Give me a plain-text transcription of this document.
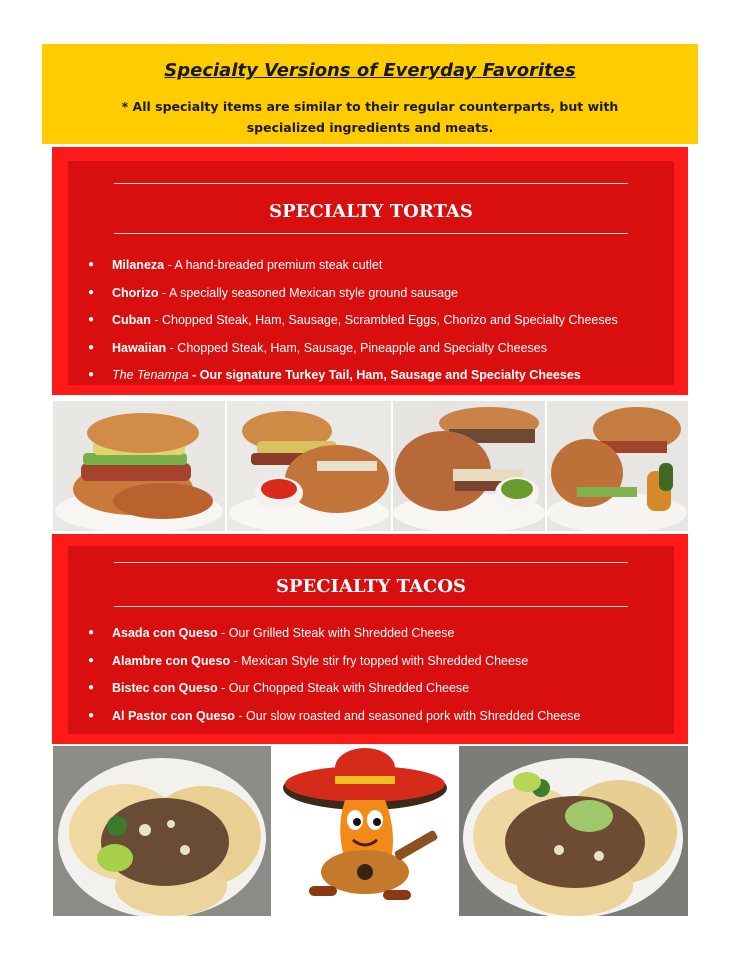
Specialty Versions of Everyday Favorites
* All specialty items are similar to their regular counterparts, but with specialized ingredients and meats.
SPECIALTY TORTAS
● Milaneza - A hand-breaded premium steak cutlet
● Chorizo - A specially seasoned Mexican style ground sausage
● Cuban - Chopped Steak, Ham, Sausage, Scrambled Eggs, Chorizo and Specialty Cheeses
● Hawaiian - Chopped Steak, Ham, Sausage, Pineapple and Specialty Cheeses
● The Tenampa - Our signature Turkey Tail, Ham, Sausage and Specialty Cheeses
SPECIALTY TACOS
● Asada con Queso - Our Grilled Steak with Shredded Cheese
● Alambre con Queso - Mexican Style stir fry topped with Shredded Cheese
● Bistec con Queso - Our Chopped Steak with Shredded Cheese
● Al Pastor con Queso - Our slow roasted and seasoned pork with Shredded Cheese
